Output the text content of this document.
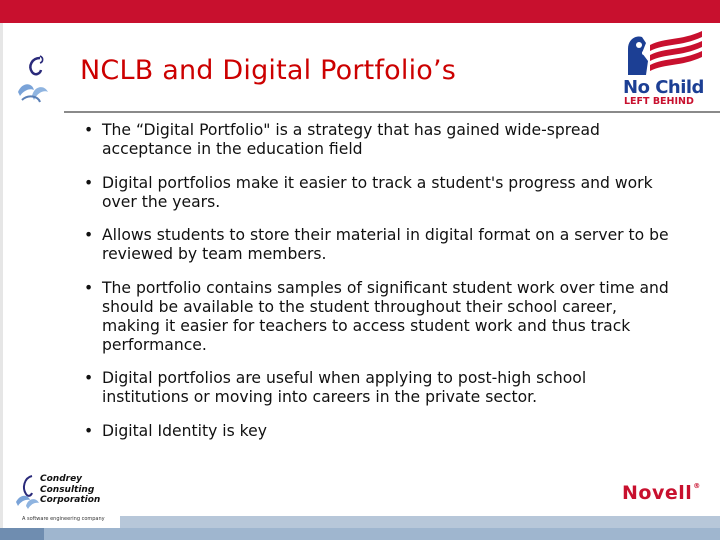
NCLB and Digital Portfolio’s
No Child
LEFT BEHIND
• The “Digital Portfolio" is a strategy that has gained wide-spread acceptance in the education field
• Digital portfolios make it easier to track a student's progress and work over the years.
• Allows students to store their material in digital format on a server to be reviewed by team members.
• The portfolio contains samples of significant student work over time and should be available to the student throughout their school career, making it easier for teachers to access student work and thus track performance.
• Digital portfolios are useful when applying to post-high school institutions or moving into careers in the private sector.
• Digital Identity is key
Condrey
Consulting
Corporation
A software engineering company
Novell®
